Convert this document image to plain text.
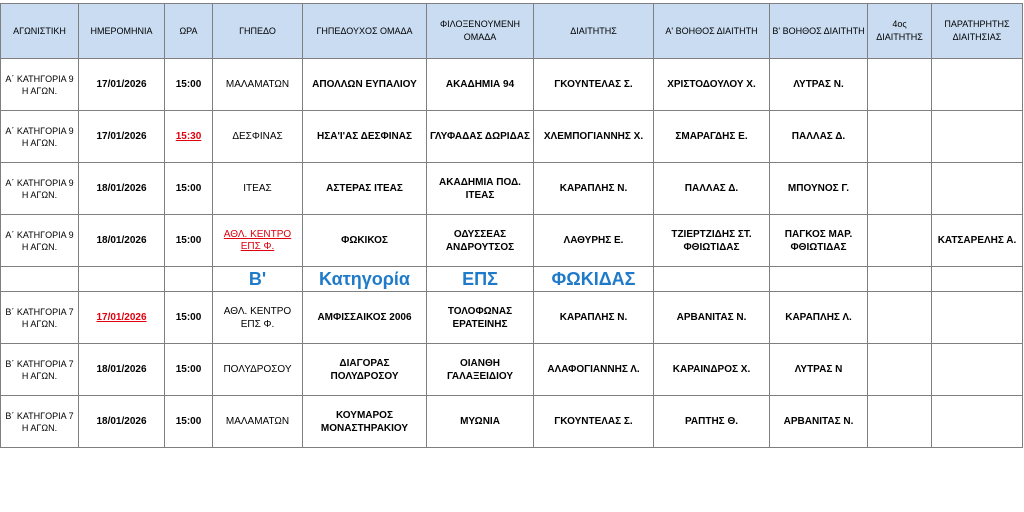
ΑΓΩΝΙΣΤΙΚΗ	ΗΜΕΡΟΜΗΝΙΑ	ΩΡΑ	ΓΗΠΕΔΟ	ΓΗΠΕΔΟΥΧΟΣ ΟΜΑΔΑ	ΦΙΛΟΞΕΝΟΥΜΕΝΗ ΟΜΑΔΑ	ΔΙΑΙΤΗΤΗΣ	Α' ΒΟΗΘΟΣ ΔΙΑΙΤΗΤΗ	Β' ΒΟΗΘΟΣ ΔΙΑΙΤΗΤΗ	4ος ΔΙΑΙΤΗΤΗΣ	ΠΑΡΑΤΗΡΗΤΗΣ ΔΙΑΙΤΗΣΙΑΣ
Α΄ ΚΑΤΗΓΟΡΙΑ 9 Η ΑΓΩΝ.	17/01/2026	15:00	ΜΑΛΑΜΑΤΩΝ	ΑΠΟΛΛΩΝ ΕΥΠΑΛΙΟΥ	ΑΚΑΔΗΜΙΑ 94	ΓΚΟΥΝΤΕΛΑΣ Σ.	ΧΡΙΣΤΟΔΟΥΛΟΥ Χ.	ΛΥΤΡΑΣ Ν.		
Α΄ ΚΑΤΗΓΟΡΙΑ 9 Η ΑΓΩΝ.	17/01/2026	15:30	ΔΕΣΦΙΝΑΣ	ΗΣΑ'Ι'ΑΣ ΔΕΣΦΙΝΑΣ	ΓΛΥΦΑΔΑΣ ΔΩΡΙΔΑΣ	ΧΛΕΜΠΟΓΙΑΝΝΗΣ Χ.	ΣΜΑΡΑΓΔΗΣ Ε.	ΠΑΛΛΑΣ Δ.		
Α΄ ΚΑΤΗΓΟΡΙΑ 9 Η ΑΓΩΝ.	18/01/2026	15:00	ΙΤΕΑΣ	ΑΣΤΕΡΑΣ ΙΤΕΑΣ	ΑΚΑΔΗΜΙΑ ΠΟΔ. ΙΤΕΑΣ	ΚΑΡΑΠΛΗΣ Ν.	ΠΑΛΛΑΣ Δ.	ΜΠΟΥΝΟΣ Γ.		
Α΄ ΚΑΤΗΓΟΡΙΑ 9 Η ΑΓΩΝ.	18/01/2026	15:00	ΑΘΛ. ΚΕΝΤΡΟ ΕΠΣ Φ.	ΦΩΚΙΚΟΣ	ΟΔΥΣΣΕΑΣ ΑΝΔΡΟΥΤΣΟΣ	ΛΑΘΥΡΗΣ Ε.	ΤΖΙΕΡΤΖΙΔΗΣ ΣΤ. ΦΘΙΩΤΙΔΑΣ	ΠΑΓΚΟΣ ΜΑΡ. ΦΘΙΩΤΙΔΑΣ		ΚΑΤΣΑΡΕΛΗΣ Α.
			Β'	Κατηγορία	ΕΠΣ	ΦΩΚΙΔΑΣ				
Β΄ ΚΑΤΗΓΟΡΙΑ 7 Η ΑΓΩΝ.	17/01/2026	15:00	ΑΘΛ. ΚΕΝΤΡΟ ΕΠΣ Φ.	ΑΜΦΙΣΣΑΙΚΟΣ 2006	ΤΟΛΟΦΩΝΑΣ ΕΡΑΤΕΙΝΗΣ	ΚΑΡΑΠΛΗΣ Ν.	ΑΡΒΑΝΙΤΑΣ Ν.	ΚΑΡΑΠΛΗΣ Λ.		
Β΄ ΚΑΤΗΓΟΡΙΑ 7 Η ΑΓΩΝ.	18/01/2026	15:00	ΠΟΛΥΔΡΟΣΟΥ	ΔΙΑΓΟΡΑΣ ΠΟΛΥΔΡΟΣΟΥ	ΟΙΑΝΘΗ ΓΑΛΑΞΕΙΔΙΟΥ	ΑΛΑΦΟΓΙΑΝΝΗΣ Λ.	ΚΑΡΑΙΝΔΡΟΣ Χ.	ΛΥΤΡΑΣ Ν		
Β΄ ΚΑΤΗΓΟΡΙΑ 7 Η ΑΓΩΝ.	18/01/2026	15:00	ΜΑΛΑΜΑΤΩΝ	ΚΟΥΜΑΡΟΣ ΜΟΝΑΣΤΗΡΑΚΙΟΥ	ΜΥΩΝΙΑ	ΓΚΟΥΝΤΕΛΑΣ Σ.	ΡΑΠΤΗΣ Θ.	ΑΡΒΑΝΙΤΑΣ Ν.		
